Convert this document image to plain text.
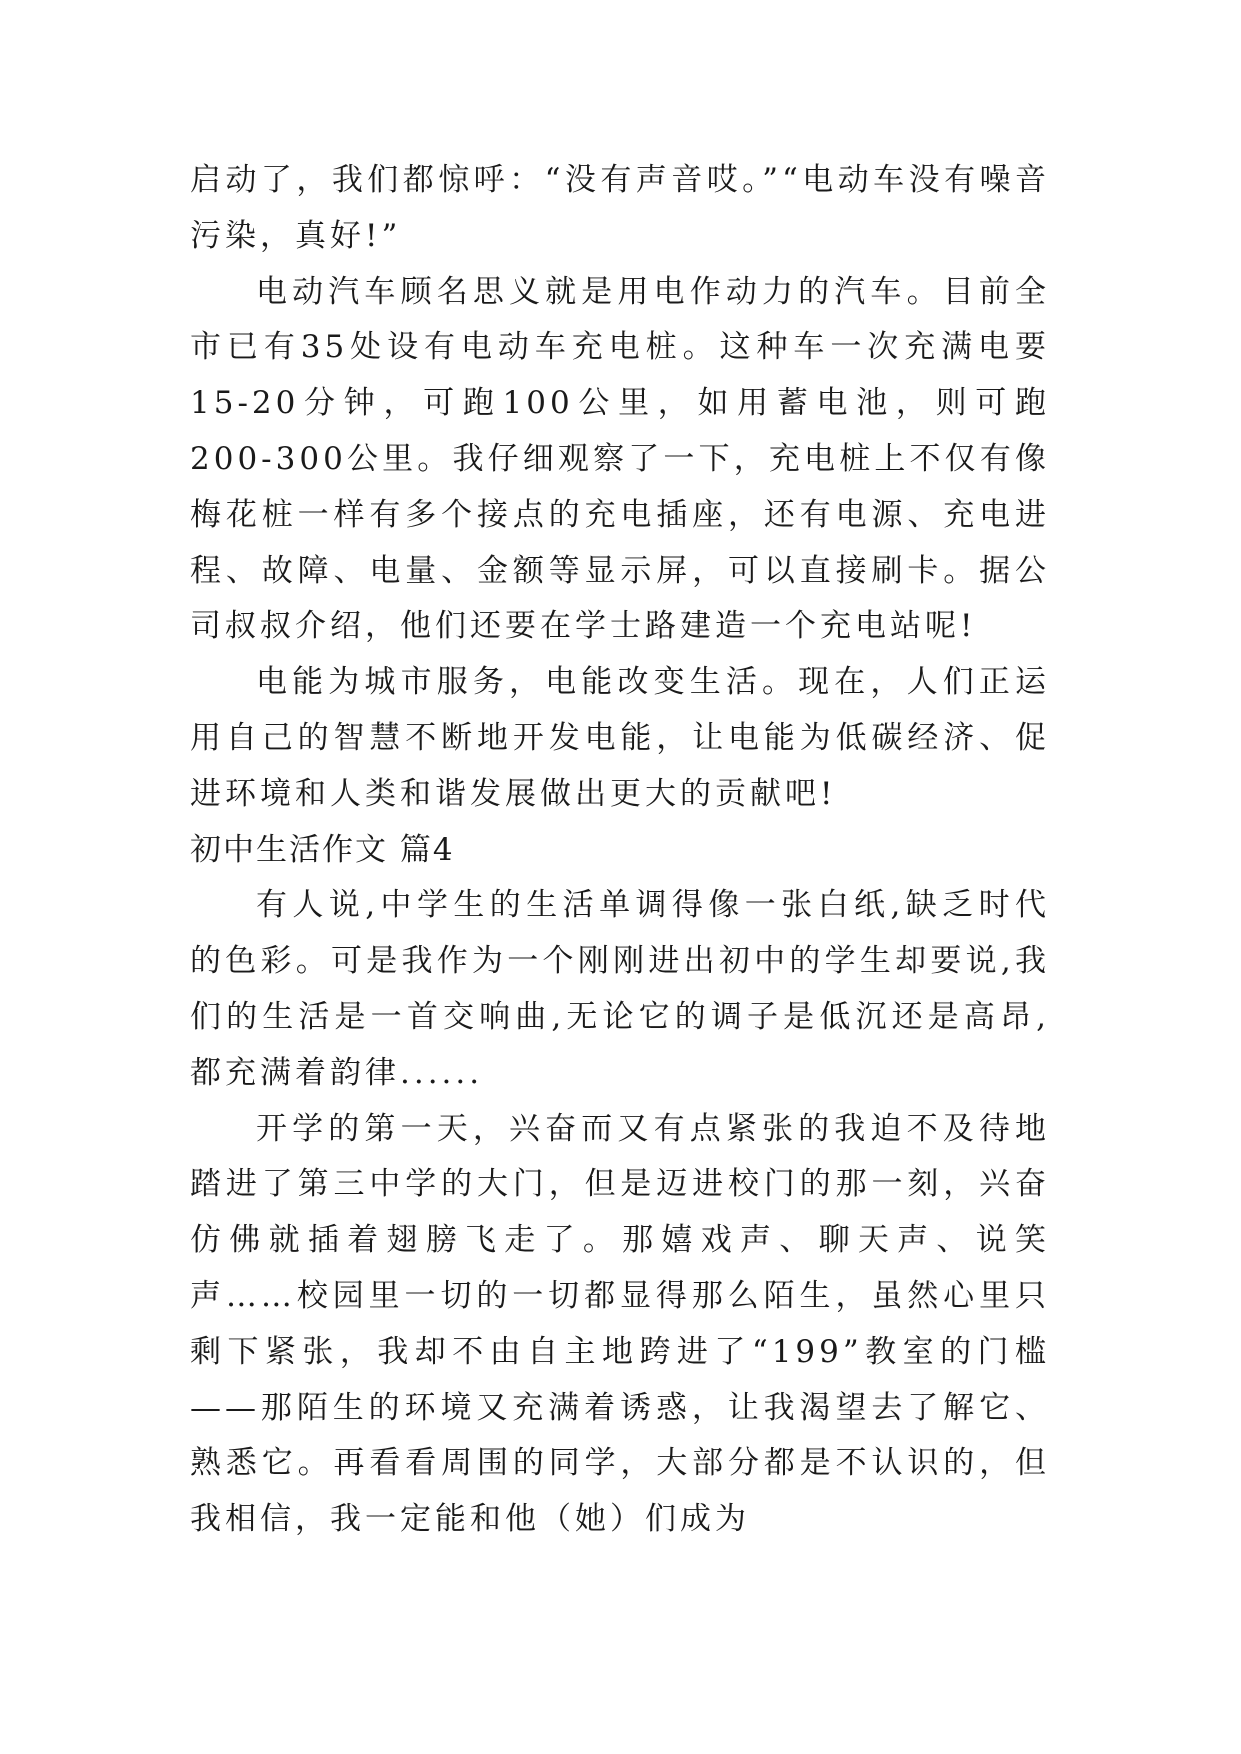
启动了，我们都惊呼：“没有声音哎。”“电动车没有噪音污染，真好!”

电动汽车顾名思义就是用电作动力的汽车。目前全市已有35处设有电动车充电桩。这种车一次充满电要15-20分钟，可跑100公里，如用蓄电池，则可跑200-300公里。我仔细观察了一下，充电桩上不仅有像梅花桩一样有多个接点的充电插座，还有电源、充电进程、故障、电量、金额等显示屏，可以直接刷卡。据公司叔叔介绍，他们还要在学士路建造一个充电站呢!

电能为城市服务，电能改变生活。现在，人们正运用自己的智慧不断地开发电能，让电能为低碳经济、促进环境和人类和谐发展做出更大的贡献吧!

初中生活作文 篇4

有人说,中学生的生活单调得像一张白纸,缺乏时代的色彩。可是我作为一个刚刚进出初中的学生却要说,我们的生活是一首交响曲,无论它的调子是低沉还是高昂,都充满着韵律......

开学的第一天，兴奋而又有点紧张的我迫不及待地踏进了第三中学的大门，但是迈进校门的那一刻，兴奋仿佛就插着翅膀飞走了。那嬉戏声、聊天声、说笑声……校园里一切的一切都显得那么陌生，虽然心里只剩下紧张，我却不由自主地跨进了“199”教室的门槛——那陌生的环境又充满着诱惑，让我渴望去了解它、熟悉它。再看看周围的同学，大部分都是不认识的，但我相信，我一定能和他（她）们成为
